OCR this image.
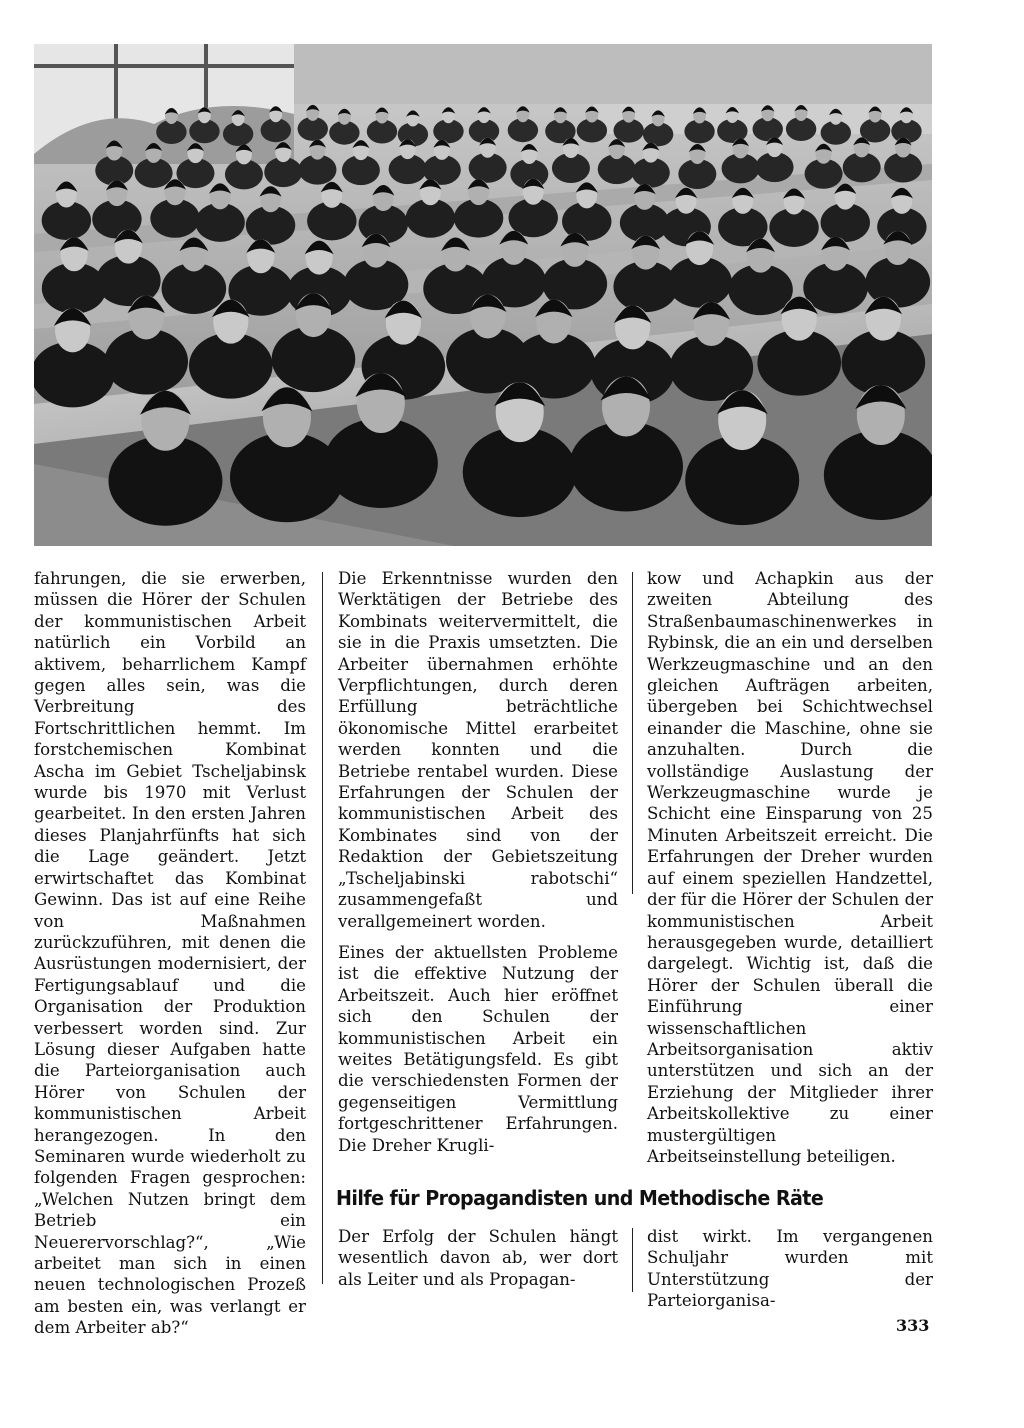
fahrungen, die sie erwerben, müssen die Hörer der Schulen der kommunistischen Arbeit natürlich ein Vorbild an aktivem, beharrlichem Kampf gegen alles sein, was die Verbreitung des Fortschrittlichen hemmt. Im forstchemischen Kombinat Ascha im Gebiet Tscheljabinsk wurde bis 1970 mit Verlust gearbeitet. In den ersten Jahren dieses Planjahrfünfts hat sich die Lage geändert. Jetzt erwirtschaftet das Kombinat Gewinn. Das ist auf eine Reihe von Maßnahmen zurückzuführen, mit denen die Ausrüstungen modernisiert, der Fertigungsablauf und die Organisation der Produktion verbessert worden sind. Zur Lösung dieser Aufgaben hatte die Parteiorganisation auch Hörer von Schulen der kommunistischen Arbeit herangezogen. In den Seminaren wurde wiederholt zu folgenden Fragen gesprochen: „Welchen Nutzen bringt dem Betrieb ein Neuerervorschlag?“, „Wie arbeitet man sich in einen neuen technologischen Prozeß am besten ein, was verlangt er dem Arbeiter ab?“

Die Erkenntnisse wurden den Werktätigen der Betriebe des Kombinats weitervermittelt, die sie in die Praxis umsetzten. Die Arbeiter übernahmen erhöhte Verpflichtungen, durch deren Erfüllung beträchtliche ökonomische Mittel erarbeitet werden konnten und die Betriebe rentabel wurden. Diese Erfahrungen der Schulen der kommunistischen Arbeit des Kombinates sind von der Redaktion der Gebietszeitung „Tscheljabinski rabotschi“ zusammengefaßt und verallgemeinert worden.

Eines der aktuellsten Probleme ist die effektive Nutzung der Arbeitszeit. Auch hier eröffnet sich den Schulen der kommunistischen Arbeit ein weites Betätigungsfeld. Es gibt die verschiedensten Formen der gegenseitigen Vermittlung fortgeschrittener Erfahrungen. Die Dreher Krugli-

kow und Achapkin aus der zweiten Abteilung des Straßenbaumaschinenwerkes in Rybinsk, die an ein und derselben Werkzeugmaschine und an den gleichen Aufträgen arbeiten, übergeben bei Schichtwechsel einander die Maschine, ohne sie anzuhalten. Durch die vollständige Auslastung der Werkzeugmaschine wurde je Schicht eine Einsparung von 25 Minuten Arbeitszeit erreicht. Die Erfahrungen der Dreher wurden auf einem speziellen Handzettel, der für die Hörer der Schulen der kommunistischen Arbeit herausgegeben wurde, detailliert dargelegt. Wichtig ist, daß die Hörer der Schulen überall die Einführung einer wissenschaftlichen Arbeitsorganisation aktiv unterstützen und sich an der Erziehung der Mitglieder ihrer Arbeitskollektive zu einer mustergültigen Arbeitseinstellung beteiligen.

Hilfe für Propagandisten und Methodische Räte

Der Erfolg der Schulen hängt wesentlich davon ab, wer dort als Leiter und als Propagan-

dist wirkt. Im vergangenen Schuljahr wurden mit Unterstützung der Parteiorganisa-

333
